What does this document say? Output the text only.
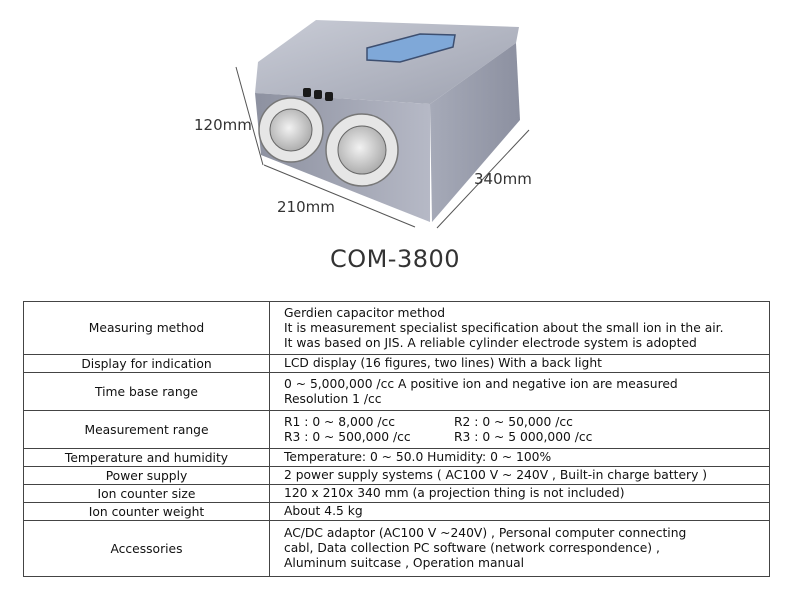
120mm
210mm
340mm
COM-3800
Measuring method	Gerdien capacitor method
It is measurement specialist specification about the small ion in the air.
It was based on JIS. A reliable cylinder electrode system is adopted

Display for indication	LCD display (16 figures, two lines) With a back light

Time base range	0 ~ 5,000,000 /cc A positive ion and negative ion are measured
Resolution 1 /cc

Measurement range	R1 : 0 ~ 8,000 /cc R2 : 0 ~ 50,000 /cc
R3 : 0 ~ 500,000 /cc R3 : 0 ~ 5 000,000 /cc

Temperature and humidity	Temperature: 0 ~ 50.0 Humidity: 0 ~ 100%

Power supply	2 power supply systems ( AC100 V ~ 240V , Built-in charge battery )

Ion counter size	120 x 210x 340 mm (a projection thing is not included)

Ion counter weight	About 4.5 kg

Accessories	AC/DC adaptor (AC100 V ~240V) , Personal computer connecting
cabl, Data collection PC software (network correspondence) ,
Aluminum suitcase , Operation manual
